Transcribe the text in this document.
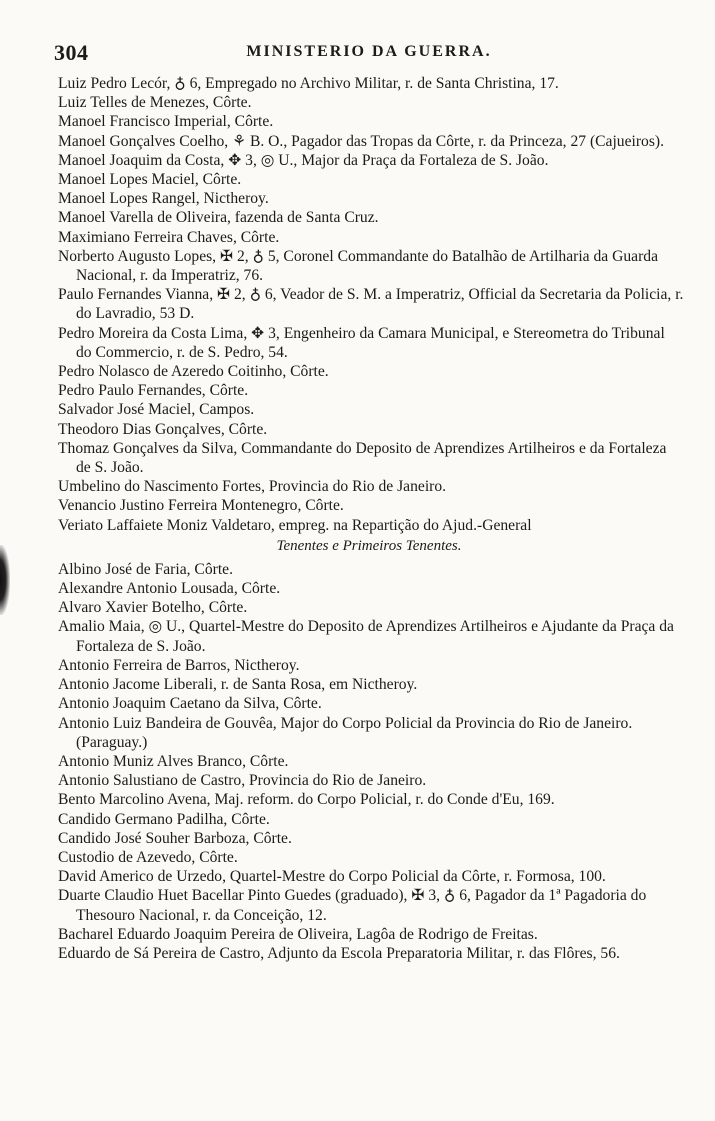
304	MINISTERIO DA GUERRA.

Luiz Pedro Lecór, ♁ 6, Empregado no Archivo Militar, r. de Santa Christina, 17.

Luiz Telles de Menezes, Côrte.

Manoel Francisco Imperial, Côrte.

Manoel Gonçalves Coelho, ⚘ B. O., Pagador das Tropas da Côrte, r. da Princeza, 27 (Cajueiros).

Manoel Joaquim da Costa, ✥ 3, ◎ U., Major da Praça da Fortaleza de S. João.

Manoel Lopes Maciel, Côrte.

Manoel Lopes Rangel, Nictheroy.

Manoel Varella de Oliveira, fazenda de Santa Cruz.

Maximiano Ferreira Chaves, Côrte.

Norberto Augusto Lopes, ✠ 2, ♁ 5, Coronel Commandante do Batalhão de Artilharia da Guarda Nacional, r. da Imperatriz, 76.

Paulo Fernandes Vianna, ✠ 2, ♁ 6, Veador de S. M. a Imperatriz, Official da Secretaria da Policia, r. do Lavradio, 53 D.

Pedro Moreira da Costa Lima, ✥ 3, Engenheiro da Camara Municipal, e Stereometra do Tribunal do Commercio, r. de S. Pedro, 54.

Pedro Nolasco de Azeredo Coitinho, Côrte.

Pedro Paulo Fernandes, Côrte.

Salvador José Maciel, Campos.

Theodoro Dias Gonçalves, Côrte.

Thomaz Gonçalves da Silva, Commandante do Deposito de Aprendizes Artilheiros e da Fortaleza de S. João.

Umbelino do Nascimento Fortes, Provincia do Rio de Janeiro.

Venancio Justino Ferreira Montenegro, Côrte.

Veriato Laffaiete Moniz Valdetaro, empreg. na Repartição do Ajud.-General

Tenentes e Primeiros Tenentes.

Albino José de Faria, Côrte.

Alexandre Antonio Lousada, Côrte.

Alvaro Xavier Botelho, Côrte.

Amalio Maia, ◎ U., Quartel-Mestre do Deposito de Aprendizes Artilheiros e Ajudante da Praça da Fortaleza de S. João.

Antonio Ferreira de Barros, Nictheroy.

Antonio Jacome Liberali, r. de Santa Rosa, em Nictheroy.

Antonio Joaquim Caetano da Silva, Côrte.

Antonio Luiz Bandeira de Gouvêa, Major do Corpo Policial da Provincia do Rio de Janeiro. (Paraguay.)

Antonio Muniz Alves Branco, Côrte.

Antonio Salustiano de Castro, Provincia do Rio de Janeiro.

Bento Marcolino Avena, Maj. reform. do Corpo Policial, r. do Conde d'Eu, 169.

Candido Germano Padilha, Côrte.

Candido José Souher Barboza, Côrte.

Custodio de Azevedo, Côrte.

David Americo de Urzedo, Quartel-Mestre do Corpo Policial da Côrte, r. Formosa, 100.

Duarte Claudio Huet Bacellar Pinto Guedes (graduado), ✠ 3, ♁ 6, Pagador da 1ª Pagadoria do Thesouro Nacional, r. da Conceição, 12.

Bacharel Eduardo Joaquim Pereira de Oliveira, Lagôa de Rodrigo de Freitas.

Eduardo de Sá Pereira de Castro, Adjunto da Escola Preparatoria Militar, r. das Flôres, 56.
